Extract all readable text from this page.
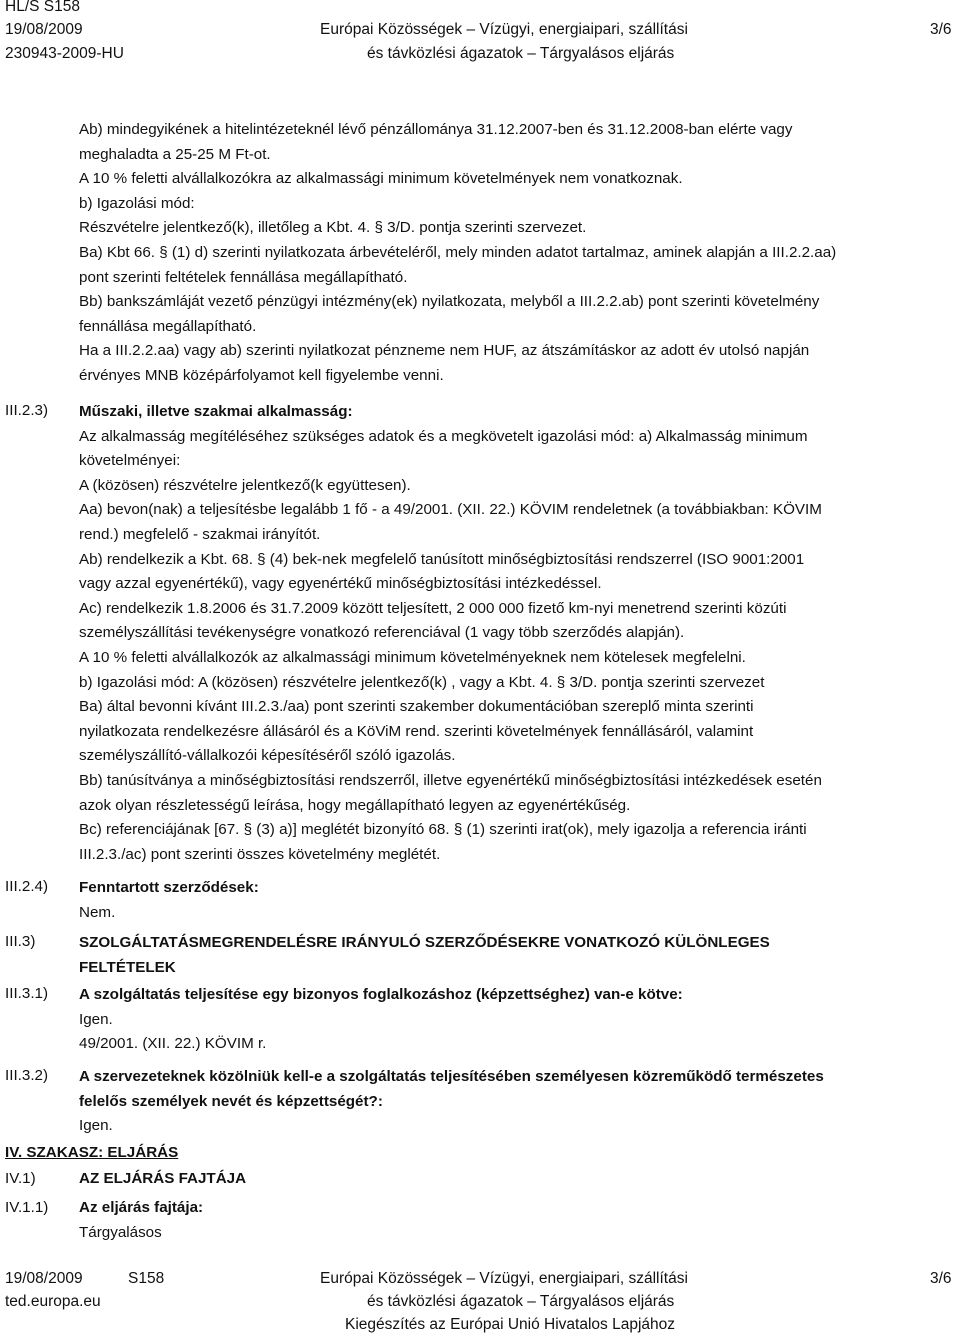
HL/S S158
19/08/2009
230943-2009-HU
Európai Közösségek – Vízügyi, energiaipari, szállítási
és távközlési ágazatok – Tárgyalásos eljárás
3/6

Ab) mindegyikének a hitelintézeteknél lévő pénzállománya 31.12.2007-ben és 31.12.2008-ban elérte vagy

meghaladta a 25-25 M Ft-ot.

A 10 % feletti alvállalkozókra az alkalmassági minimum követelmények nem vonatkoznak.

b) Igazolási mód:

Részvételre jelentkező(k), illetőleg a Kbt. 4. § 3/D. pontja szerinti szervezet.

Ba) Kbt 66. § (1) d) szerinti nyilatkozata árbevételéről, mely minden adatot tartalmaz, aminek alapján a III.2.2.aa)

pont szerinti feltételek fennállása megállapítható.

Bb) bankszámláját vezető pénzügyi intézmény(ek) nyilatkozata, melyből a III.2.2.ab) pont szerinti követelmény

fennállása megállapítható.

Ha a III.2.2.aa) vagy ab) szerinti nyilatkozat pénzneme nem HUF, az átszámításkor az adott év utolsó napján

érvényes MNB középárfolyamot kell figyelembe venni.

III.2.3) Műszaki, illetve szakmai alkalmasság:

Az alkalmasság megítéléséhez szükséges adatok és a megkövetelt igazolási mód: a) Alkalmasság minimum

követelményei:

A (közösen) részvételre jelentkező(k együttesen).

Aa) bevon(nak) a teljesítésbe legalább 1 fő - a 49/2001. (XII. 22.) KÖVIM rendeletnek (a továbbiakban: KÖVIM

rend.) megfelelő - szakmai irányítót.

Ab) rendelkezik a Kbt. 68. § (4) bek-nek megfelelő tanúsított minőségbiztosítási rendszerrel (ISO 9001:2001

vagy azzal egyenértékű), vagy egyenértékű minőségbiztosítási intézkedéssel.

Ac) rendelkezik 1.8.2006 és 31.7.2009 között teljesített, 2 000 000 fizető km-nyi menetrend szerinti közúti

személyszállítási tevékenységre vonatkozó referenciával (1 vagy több szerződés alapján).

A 10 % feletti alvállalkozók az alkalmassági minimum követelményeknek nem kötelesek megfelelni.

b) Igazolási mód: A (közösen) részvételre jelentkező(k) , vagy a Kbt. 4. § 3/D. pontja szerinti szervezet

Ba) által bevonni kívánt III.2.3./aa) pont szerinti szakember dokumentációban szereplő minta szerinti

nyilatkozata rendelkezésre állásáról és a KöViM rend. szerinti követelmények fennállásáról, valamint

személyszállító-vállalkozói képesítéséről szóló igazolás.

Bb) tanúsítványa a minőségbiztosítási rendszerről, illetve egyenértékű minőségbiztosítási intézkedések esetén

azok olyan részletességű leírása, hogy megállapítható legyen az egyenértékűség.

Bc) referenciájának [67. § (3) a)] meglétét bizonyító 68. § (1) szerinti irat(ok), mely igazolja a referencia iránti

III.2.3./ac) pont szerinti összes követelmény meglétét.

III.2.4) Fenntartott szerződések:

Nem.

III.3)	SZOLGÁLTATÁSMEGRENDELÉSRE IRÁNYULÓ SZERZŐDÉSEKRE VONATKOZÓ KÜLÖNLEGES

FELTÉTELEK

III.3.1) A szolgáltatás teljesítése egy bizonyos foglalkozáshoz (képzettséghez) van-e kötve:

Igen.

49/2001. (XII. 22.) KÖVIM r.

III.3.2) A szervezeteknek közölniük kell-e a szolgáltatás teljesítésében személyesen közreműködő természetes

felelős személyek nevét és képzettségét?:

Igen.

IV. SZAKASZ: ELJÁRÁS
IV.1)	AZ ELJÁRÁS FAJTÁJA
IV.1.1) Az eljárás fajtája:
Tárgyalásos
19/08/2009	S158
ted.europa.eu
Európai Közösségek – Vízügyi, energiaipari, szállítási
és távközlési ágazatok – Tárgyalásos eljárás
Kiegészítés az Európai Unió Hivatalos Lapjához
3/6
